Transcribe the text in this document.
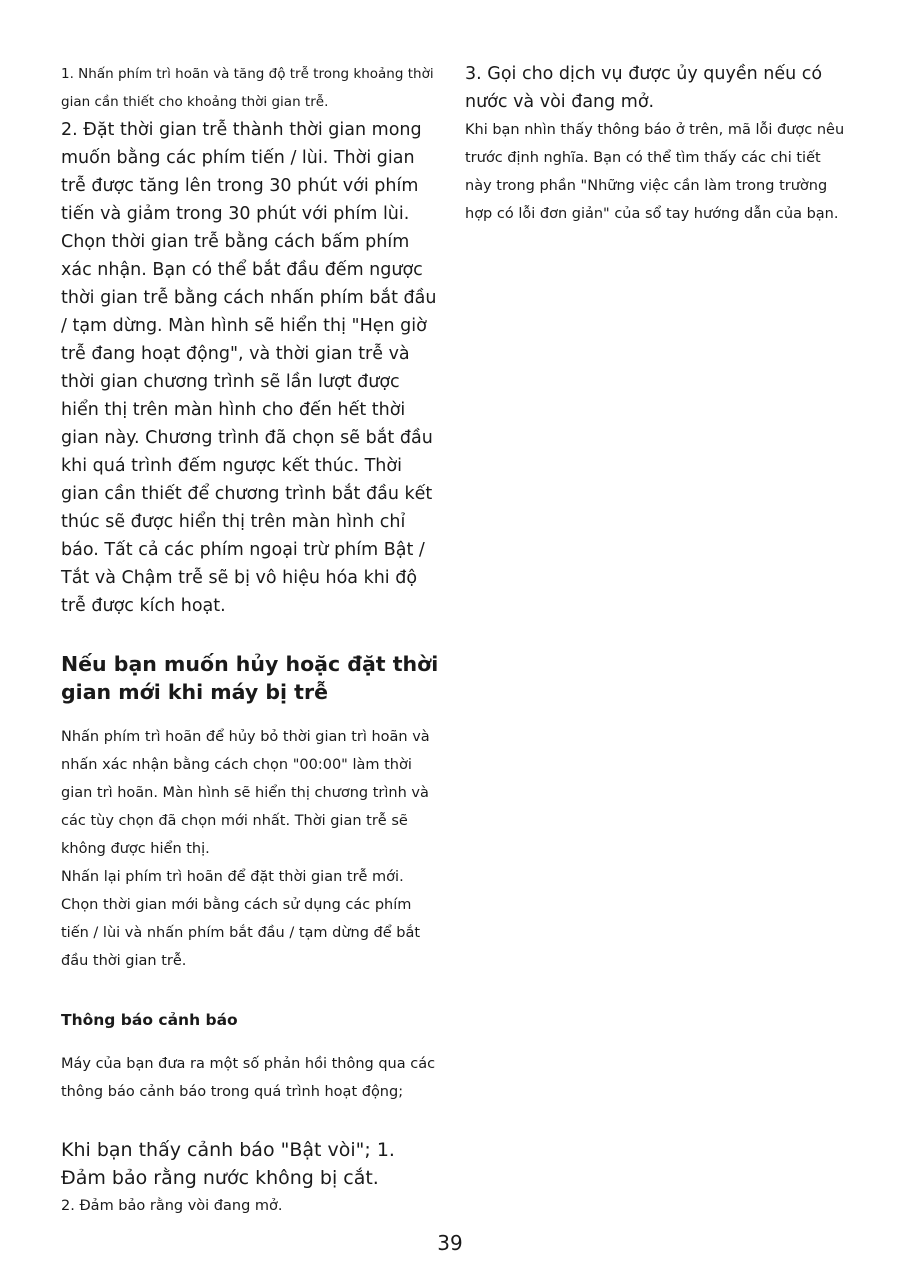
1. Nhấn phím trì hoãn và tăng độ trễ trong khoảng thời gian cần thiết cho khoảng thời gian trễ.

2. Đặt thời gian trễ thành thời gian mong muốn bằng các phím tiến / lùi. Thời gian trễ được tăng lên trong 30 phút với phím tiến và giảm trong 30 phút với phím lùi. Chọn thời gian trễ bằng cách bấm phím xác nhận. Bạn có thể bắt đầu đếm ngược thời gian trễ bằng cách nhấn phím bắt đầu / tạm dừng. Màn hình sẽ hiển thị "Hẹn giờ trễ đang hoạt động", và thời gian trễ và thời gian chương trình sẽ lần lượt được hiển thị trên màn hình cho đến hết thời gian này. Chương trình đã chọn sẽ bắt đầu khi quá trình đếm ngược kết thúc. Thời gian cần thiết để chương trình bắt đầu kết thúc sẽ được hiển thị trên màn hình chỉ báo. Tất cả các phím ngoại trừ phím Bật / Tắt và Chậm trễ sẽ bị vô hiệu hóa khi độ trễ được kích hoạt.

Nếu bạn muốn hủy hoặc đặt thời gian mới khi máy bị trễ

Nhấn phím trì hoãn để hủy bỏ thời gian trì hoãn và nhấn xác nhận bằng cách chọn "00:00" làm thời gian trì hoãn. Màn hình sẽ hiển thị chương trình và các tùy chọn đã chọn mới nhất. Thời gian trễ sẽ không được hiển thị.

Nhấn lại phím trì hoãn để đặt thời gian trễ mới. Chọn thời gian mới bằng cách sử dụng các phím tiến / lùi và nhấn phím bắt đầu / tạm dừng để bắt đầu thời gian trễ.

Thông báo cảnh báo

Máy của bạn đưa ra một số phản hồi thông qua các thông báo cảnh báo trong quá trình hoạt động;

Khi bạn thấy cảnh báo "Bật vòi"; 1. Đảm bảo rằng nước không bị cắt.

2. Đảm bảo rằng vòi đang mở.

3. Gọi cho dịch vụ được ủy quyền nếu có nước và vòi đang mở.

Khi bạn nhìn thấy thông báo ở trên, mã lỗi được nêu trước định nghĩa. Bạn có thể tìm thấy các chi tiết này trong phần "Những việc cần làm trong trường hợp có lỗi đơn giản" của sổ tay hướng dẫn của bạn.

39
